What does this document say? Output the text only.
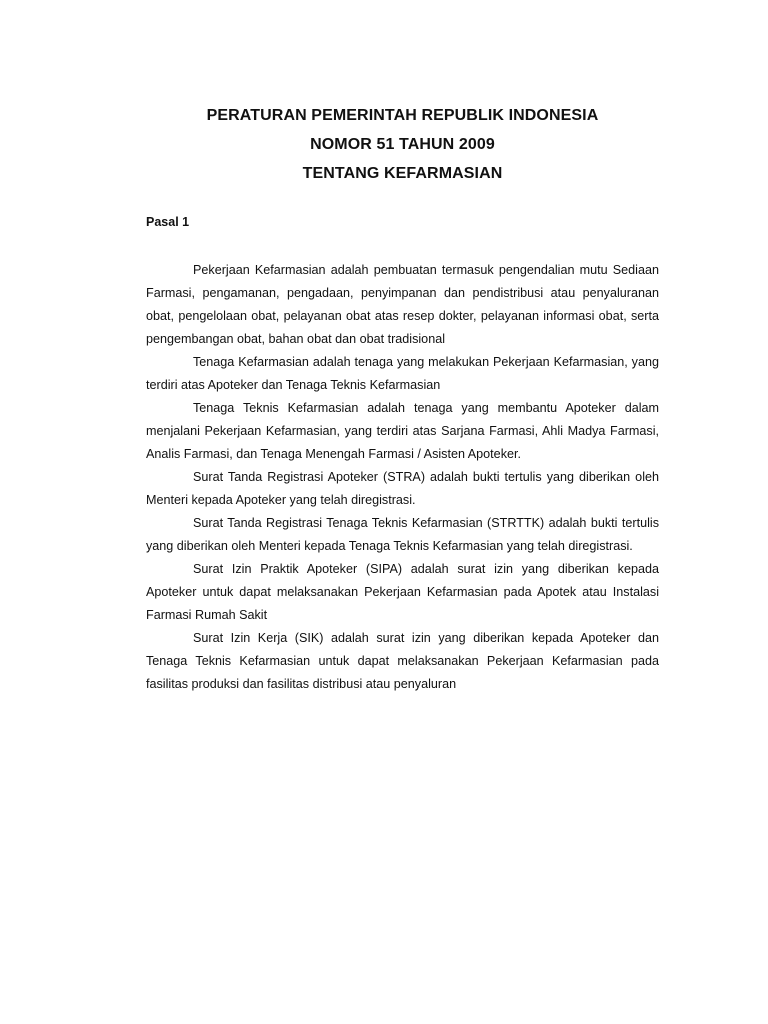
PERATURAN PEMERINTAH REPUBLIK INDONESIA
NOMOR 51 TAHUN 2009
TENTANG KEFARMASIAN
Pasal 1

Pekerjaan Kefarmasian adalah pembuatan termasuk pengendalian mutu Sediaan Farmasi, pengamanan, pengadaan, penyimpanan dan pendistribusi atau penyaluranan obat, pengelolaan obat, pelayanan obat atas resep dokter, pelayanan informasi obat, serta pengembangan obat, bahan obat dan obat tradisional

Tenaga Kefarmasian adalah tenaga yang melakukan Pekerjaan Kefarmasian, yang terdiri atas Apoteker dan Tenaga Teknis Kefarmasian

Tenaga Teknis Kefarmasian adalah tenaga yang membantu Apoteker dalam menjalani Pekerjaan Kefarmasian, yang terdiri atas Sarjana Farmasi, Ahli Madya Farmasi, Analis Farmasi, dan Tenaga Menengah Farmasi / Asisten Apoteker.

Surat Tanda Registrasi Apoteker (STRA) adalah bukti tertulis yang diberikan oleh Menteri kepada Apoteker yang telah diregistrasi.

Surat Tanda Registrasi Tenaga Teknis Kefarmasian (STRTTK) adalah bukti tertulis yang diberikan oleh Menteri kepada Tenaga Teknis Kefarmasian yang telah diregistrasi.

Surat Izin Praktik Apoteker (SIPA) adalah surat izin yang diberikan kepada Apoteker untuk dapat melaksanakan Pekerjaan Kefarmasian pada Apotek atau Instalasi Farmasi Rumah Sakit

Surat Izin Kerja (SIK) adalah surat izin yang diberikan kepada Apoteker dan Tenaga Teknis Kefarmasian untuk dapat melaksanakan Pekerjaan Kefarmasian pada fasilitas produksi dan fasilitas distribusi atau penyaluran
